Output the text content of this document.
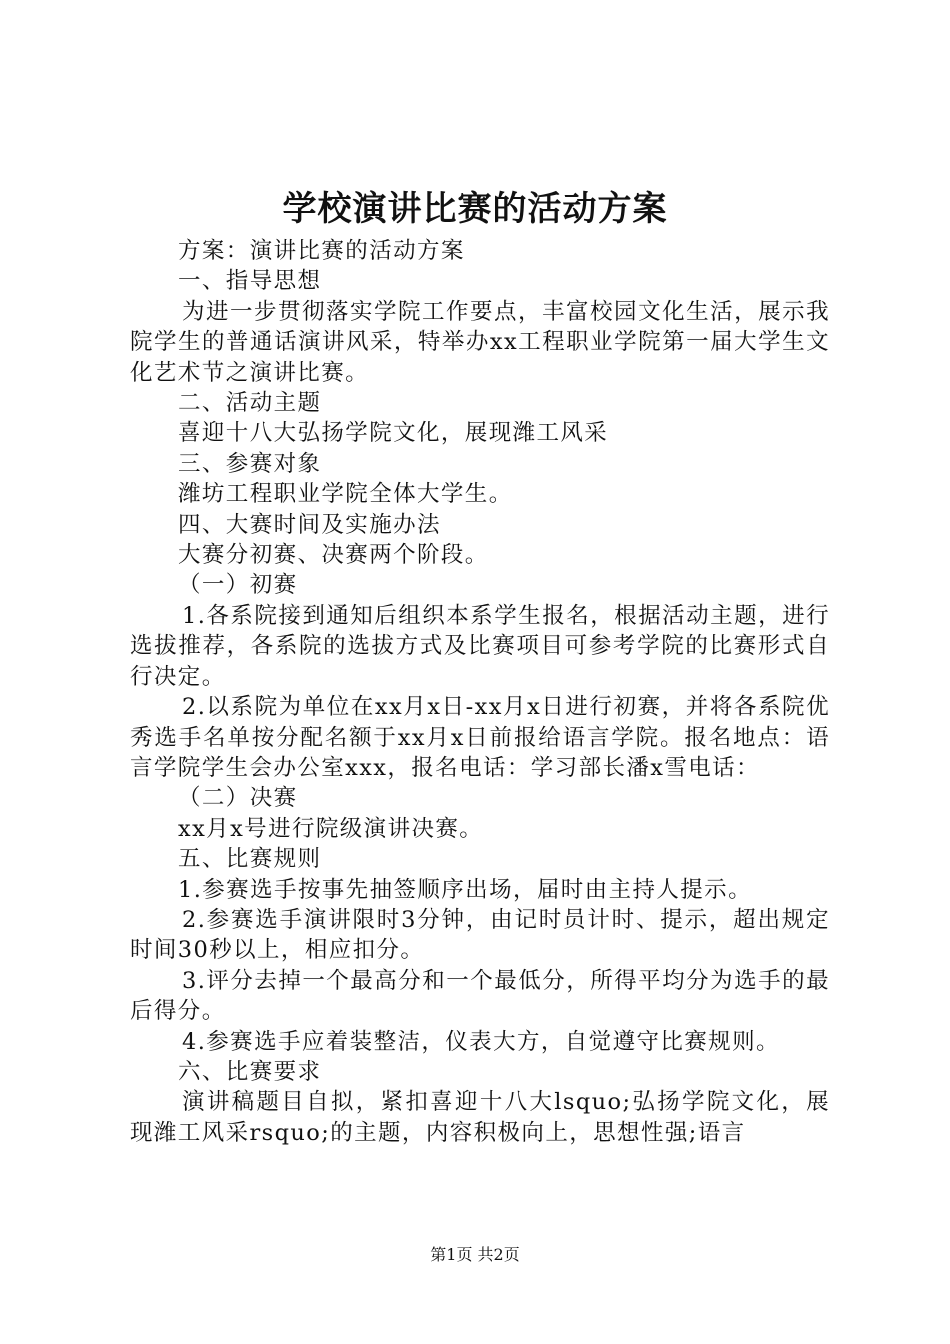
学校演讲比赛的活动方案

方案：演讲比赛的活动方案

一、指导思想

为进一步贯彻落实学院工作要点，丰富校园文化生活，展示我院学生的普通话演讲风采，特举办xx工程职业学院第一届大学生文化艺术节之演讲比赛。

二、活动主题

喜迎十八大弘扬学院文化，展现潍工风采

三、参赛对象

潍坊工程职业学院全体大学生。

四、大赛时间及实施办法

大赛分初赛、决赛两个阶段。

（一）初赛

1.各系院接到通知后组织本系学生报名，根据活动主题，进行选拔推荐，各系院的选拔方式及比赛项目可参考学院的比赛形式自行决定。

2.以系院为单位在xx月x日-xx月x日进行初赛，并将各系院优秀选手名单按分配名额于xx月x日前报给语言学院。报名地点：语言学院学生会办公室xxx，报名电话：学习部长潘x雪电话：

（二）决赛

xx月x号进行院级演讲决赛。

五、比赛规则

1.参赛选手按事先抽签顺序出场，届时由主持人提示。

2.参赛选手演讲限时3分钟，由记时员计时、提示，超出规定时间30秒以上，相应扣分。

3.评分去掉一个最高分和一个最低分，所得平均分为选手的最后得分。

4.参赛选手应着装整洁，仪表大方，自觉遵守比赛规则。

六、比赛要求

演讲稿题目自拟，紧扣喜迎十八大lsquo;弘扬学院文化，展现潍工风采rsquo;的主题，内容积极向上，思想性强;语言

第1页 共2页
